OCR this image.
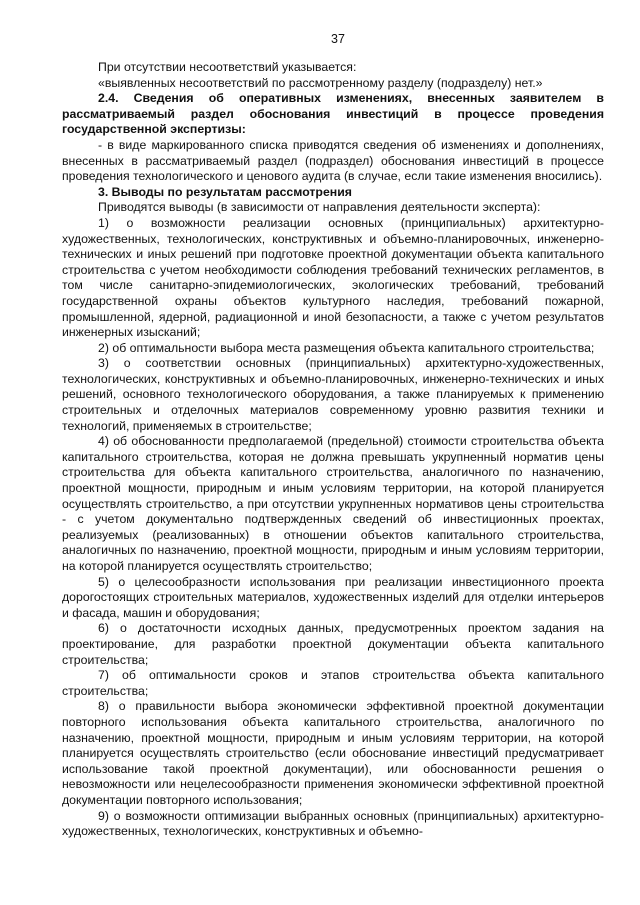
37

При отсутствии несоответствий указывается:

«выявленных несоответствий по рассмотренному разделу (подразделу) нет.»

2.4. Сведения об оперативных изменениях, внесенных заявителем в рассматриваемый раздел обоснования инвестиций в процессе проведения государственной экспертизы:

- в виде маркированного списка приводятся сведения об изменениях и дополнениях, внесенных в рассматриваемый раздел (подраздел) обоснования инвестиций в процессе проведения технологического и ценового аудита (в случае, если такие изменения вносились).

3. Выводы по результатам рассмотрения

Приводятся выводы (в зависимости от направления деятельности эксперта):

1) о возможности реализации основных (принципиальных) архитектурно-художественных, технологических, конструктивных и объемно-планировочных, инженерно-технических и иных решений при подготовке проектной документации объекта капитального строительства с учетом необходимости соблюдения требований технических регламентов, в том числе санитарно-эпидемиологических, экологических требований, требований государственной охраны объектов культурного наследия, требований пожарной, промышленной, ядерной, радиационной и иной безопасности, а также с учетом результатов инженерных изысканий;

2) об оптимальности выбора места размещения объекта капитального строительства;

3) о соответствии основных (принципиальных) архитектурно-художественных, технологических, конструктивных и объемно-планировочных, инженерно-технических и иных решений, основного технологического оборудования, а также планируемых к применению строительных и отделочных материалов современному уровню развития техники и технологий, применяемых в строительстве;

4) об обоснованности предполагаемой (предельной) стоимости строительства объекта капитального строительства, которая не должна превышать укрупненный норматив цены строительства для объекта капитального строительства, аналогичного по назначению, проектной мощности, природным и иным условиям территории, на которой планируется осуществлять строительство, а при отсутствии укрупненных нормативов цены строительства - с учетом документально подтвержденных сведений об инвестиционных проектах, реализуемых (реализованных) в отношении объектов капитального строительства, аналогичных по назначению, проектной мощности, природным и иным условиям территории, на которой планируется осуществлять строительство;

5) о целесообразности использования при реализации инвестиционного проекта дорогостоящих строительных материалов, художественных изделий для отделки интерьеров и фасада, машин и оборудования;

6) о достаточности исходных данных, предусмотренных проектом задания на проектирование, для разработки проектной документации объекта капитального строительства;

7) об оптимальности сроков и этапов строительства объекта капитального строительства;

8) о правильности выбора экономически эффективной проектной документации повторного использования объекта капитального строительства, аналогичного по назначению, проектной мощности, природным и иным условиям территории, на которой планируется осуществлять строительство (если обоснование инвестиций предусматривает использование такой проектной документации), или обоснованности решения о невозможности или нецелесообразности применения экономически эффективной проектной документации повторного использования;

9) о возможности оптимизации выбранных основных (принципиальных) архитектурно-художественных, технологических, конструктивных и объемно-
